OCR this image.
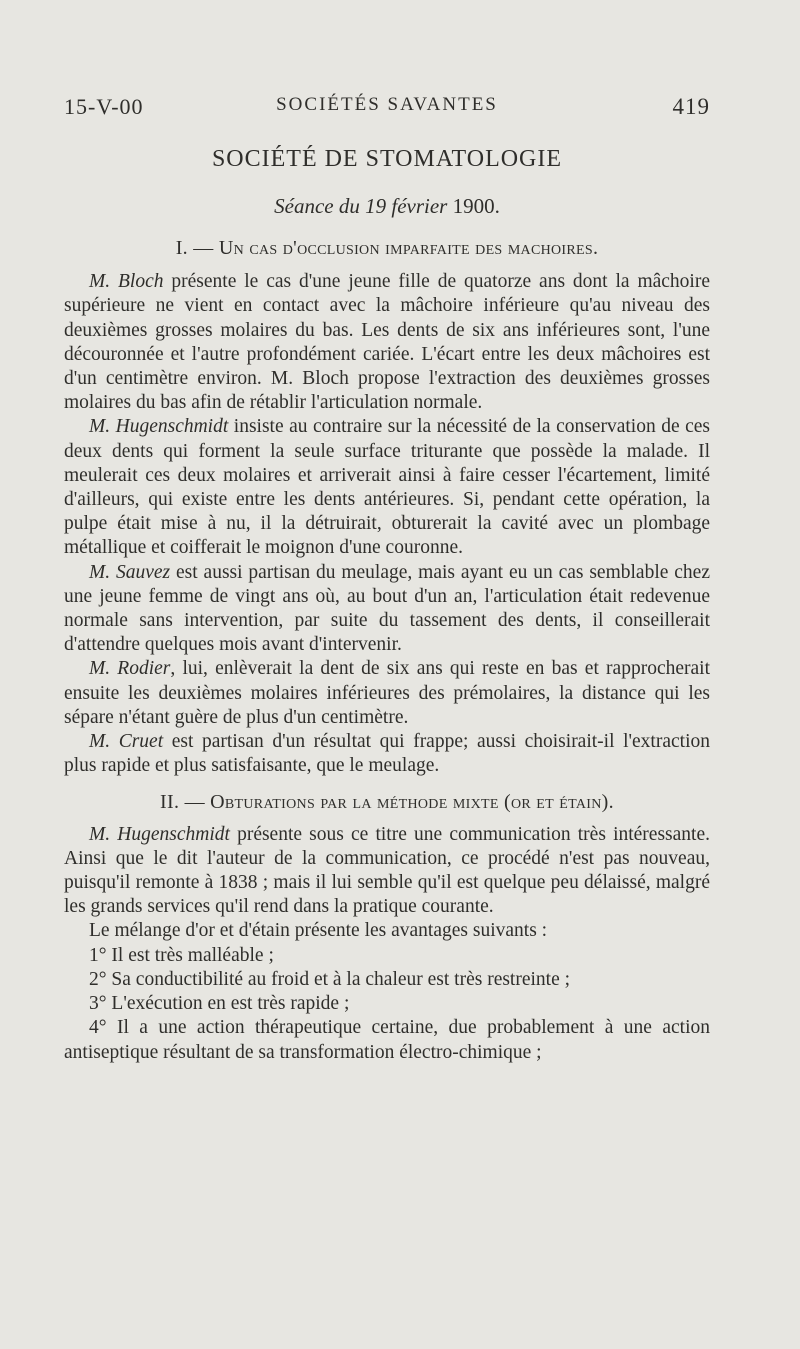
15-V-00	SOCIÉTÉS SAVANTES	419
SOCIÉTÉ DE STOMATOLOGIE
Séance du 19 février 1900.
I. — Un cas d'occlusion imparfaite des machoires.

M. Bloch présente le cas d'une jeune fille de quatorze ans dont la mâchoire supérieure ne vient en contact avec la mâchoire inférieure qu'au niveau des deuxièmes grosses molaires du bas. Les dents de six ans inférieures sont, l'une découronnée et l'autre profondément cariée. L'écart entre les deux mâchoires est d'un centimètre environ. M. Bloch propose l'extraction des deuxièmes grosses molaires du bas afin de rétablir l'articulation normale.

M. Hugenschmidt insiste au contraire sur la nécessité de la conservation de ces deux dents qui forment la seule surface triturante que possède la malade. Il meulerait ces deux molaires et arriverait ainsi à faire cesser l'écartement, limité d'ailleurs, qui existe entre les dents antérieures. Si, pendant cette opération, la pulpe était mise à nu, il la détruirait, obturerait la cavité avec un plombage métallique et coifferait le moignon d'une couronne.

M. Sauvez est aussi partisan du meulage, mais ayant eu un cas semblable chez une jeune femme de vingt ans où, au bout d'un an, l'articulation était redevenue normale sans intervention, par suite du tassement des dents, il conseillerait d'attendre quelques mois avant d'intervenir.

M. Rodier, lui, enlèverait la dent de six ans qui reste en bas et rapprocherait ensuite les deuxièmes molaires inférieures des prémolaires, la distance qui les sépare n'étant guère de plus d'un centimètre.

M. Cruet est partisan d'un résultat qui frappe; aussi choisirait-il l'extraction plus rapide et plus satisfaisante, que le meulage.

II. — Obturations par la méthode mixte (or et étain).

M. Hugenschmidt présente sous ce titre une communication très intéressante. Ainsi que le dit l'auteur de la communication, ce procédé n'est pas nouveau, puisqu'il remonte à 1838 ; mais il lui semble qu'il est quelque peu délaissé, malgré les grands services qu'il rend dans la pratique courante.

Le mélange d'or et d'étain présente les avantages suivants :

1° Il est très malléable ;

2° Sa conductibilité au froid et à la chaleur est très restreinte ;

3° L'exécution en est très rapide ;

4° Il a une action thérapeutique certaine, due probablement à une action antiseptique résultant de sa transformation électro-chimique ;
